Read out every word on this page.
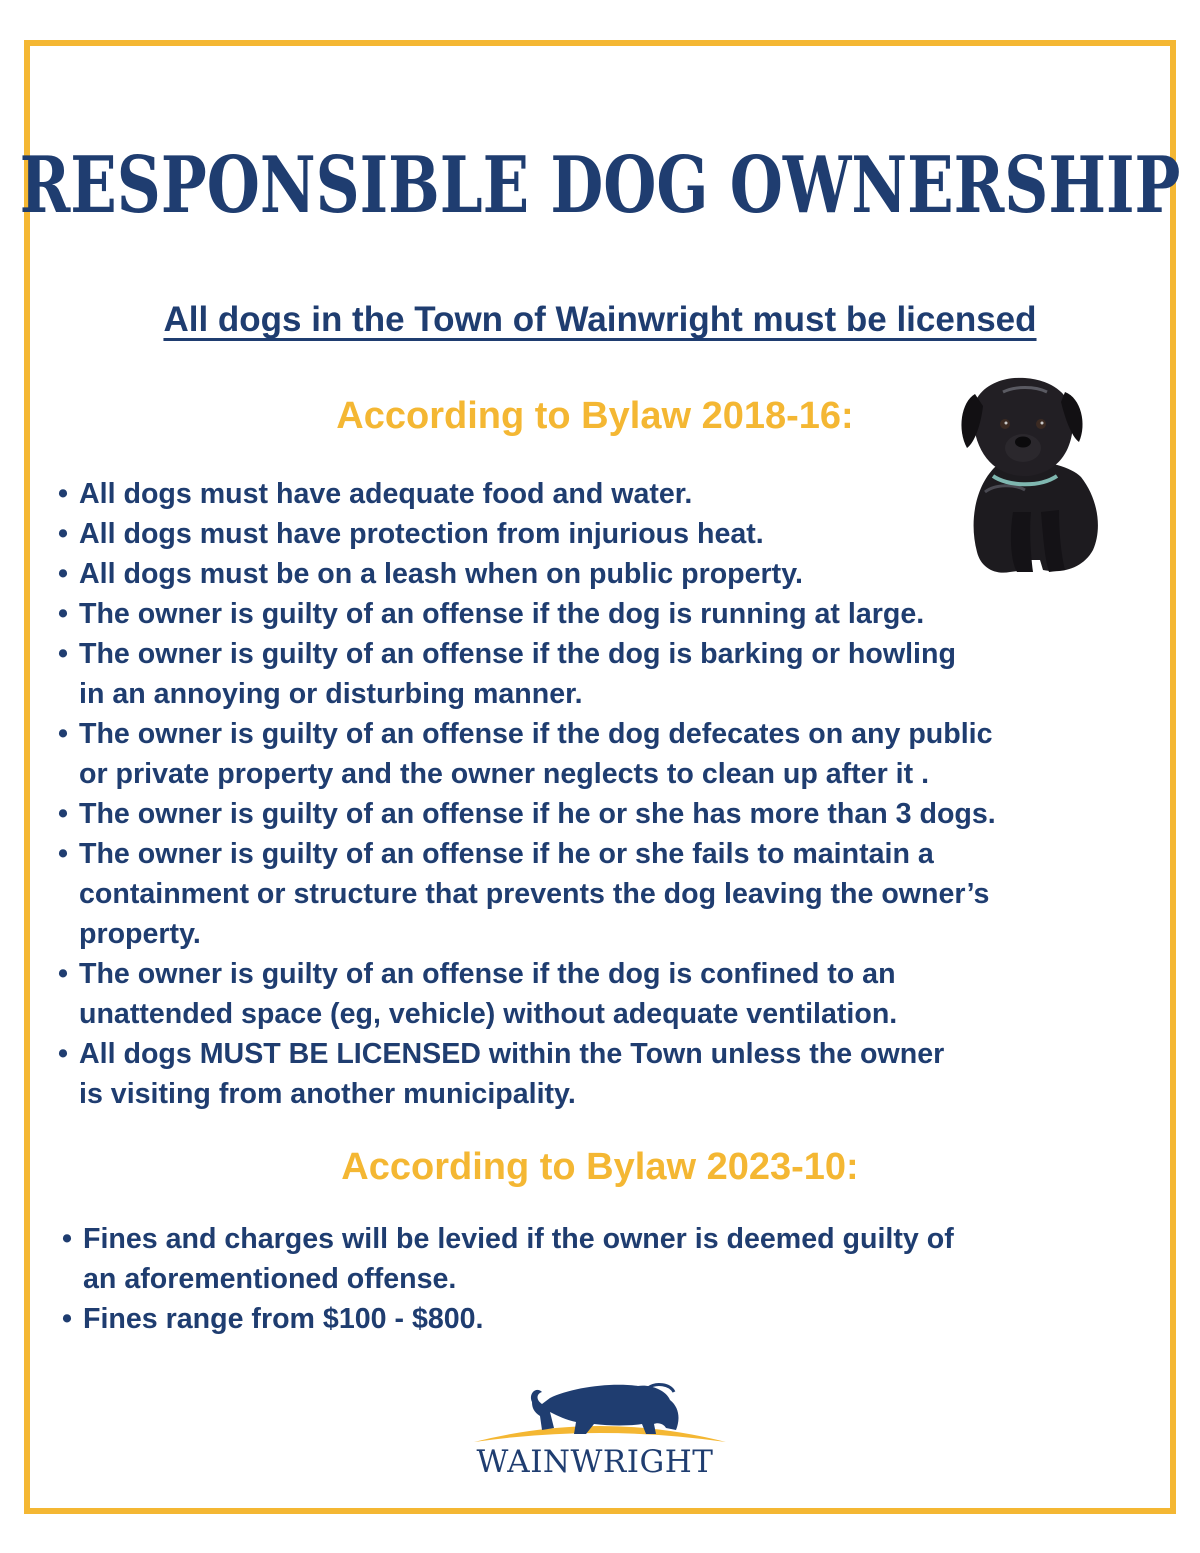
RESPONSIBLE DOG OWNERSHIP
All dogs in the Town of Wainwright must be licensed
According to Bylaw 2018-16:
• All dogs must have adequate food and water.
• All dogs must have protection from injurious heat.
• All dogs must be on a leash when on public property.
• The owner is guilty of an offense if the dog is running at large.
• The owner is guilty of an offense if the dog is barking or howling
in an annoying or disturbing manner.
• The owner is guilty of an offense if the dog defecates on any public
or private property and the owner neglects to clean up after it .
• The owner is guilty of an offense if he or she has more than 3 dogs.
• The owner is guilty of an offense if he or she fails to maintain a
containment or structure that prevents the dog leaving the owner’s
property.
• The owner is guilty of an offense if the dog is confined to an
unattended space (eg, vehicle) without adequate ventilation.
• All dogs MUST BE LICENSED within the Town unless the owner
is visiting from another municipality.
According to Bylaw 2023-10:
• Fines and charges will be levied if the owner is deemed guilty of
an aforementioned offense.
• Fines range from $100 - $800.
WAINWRIGHT
